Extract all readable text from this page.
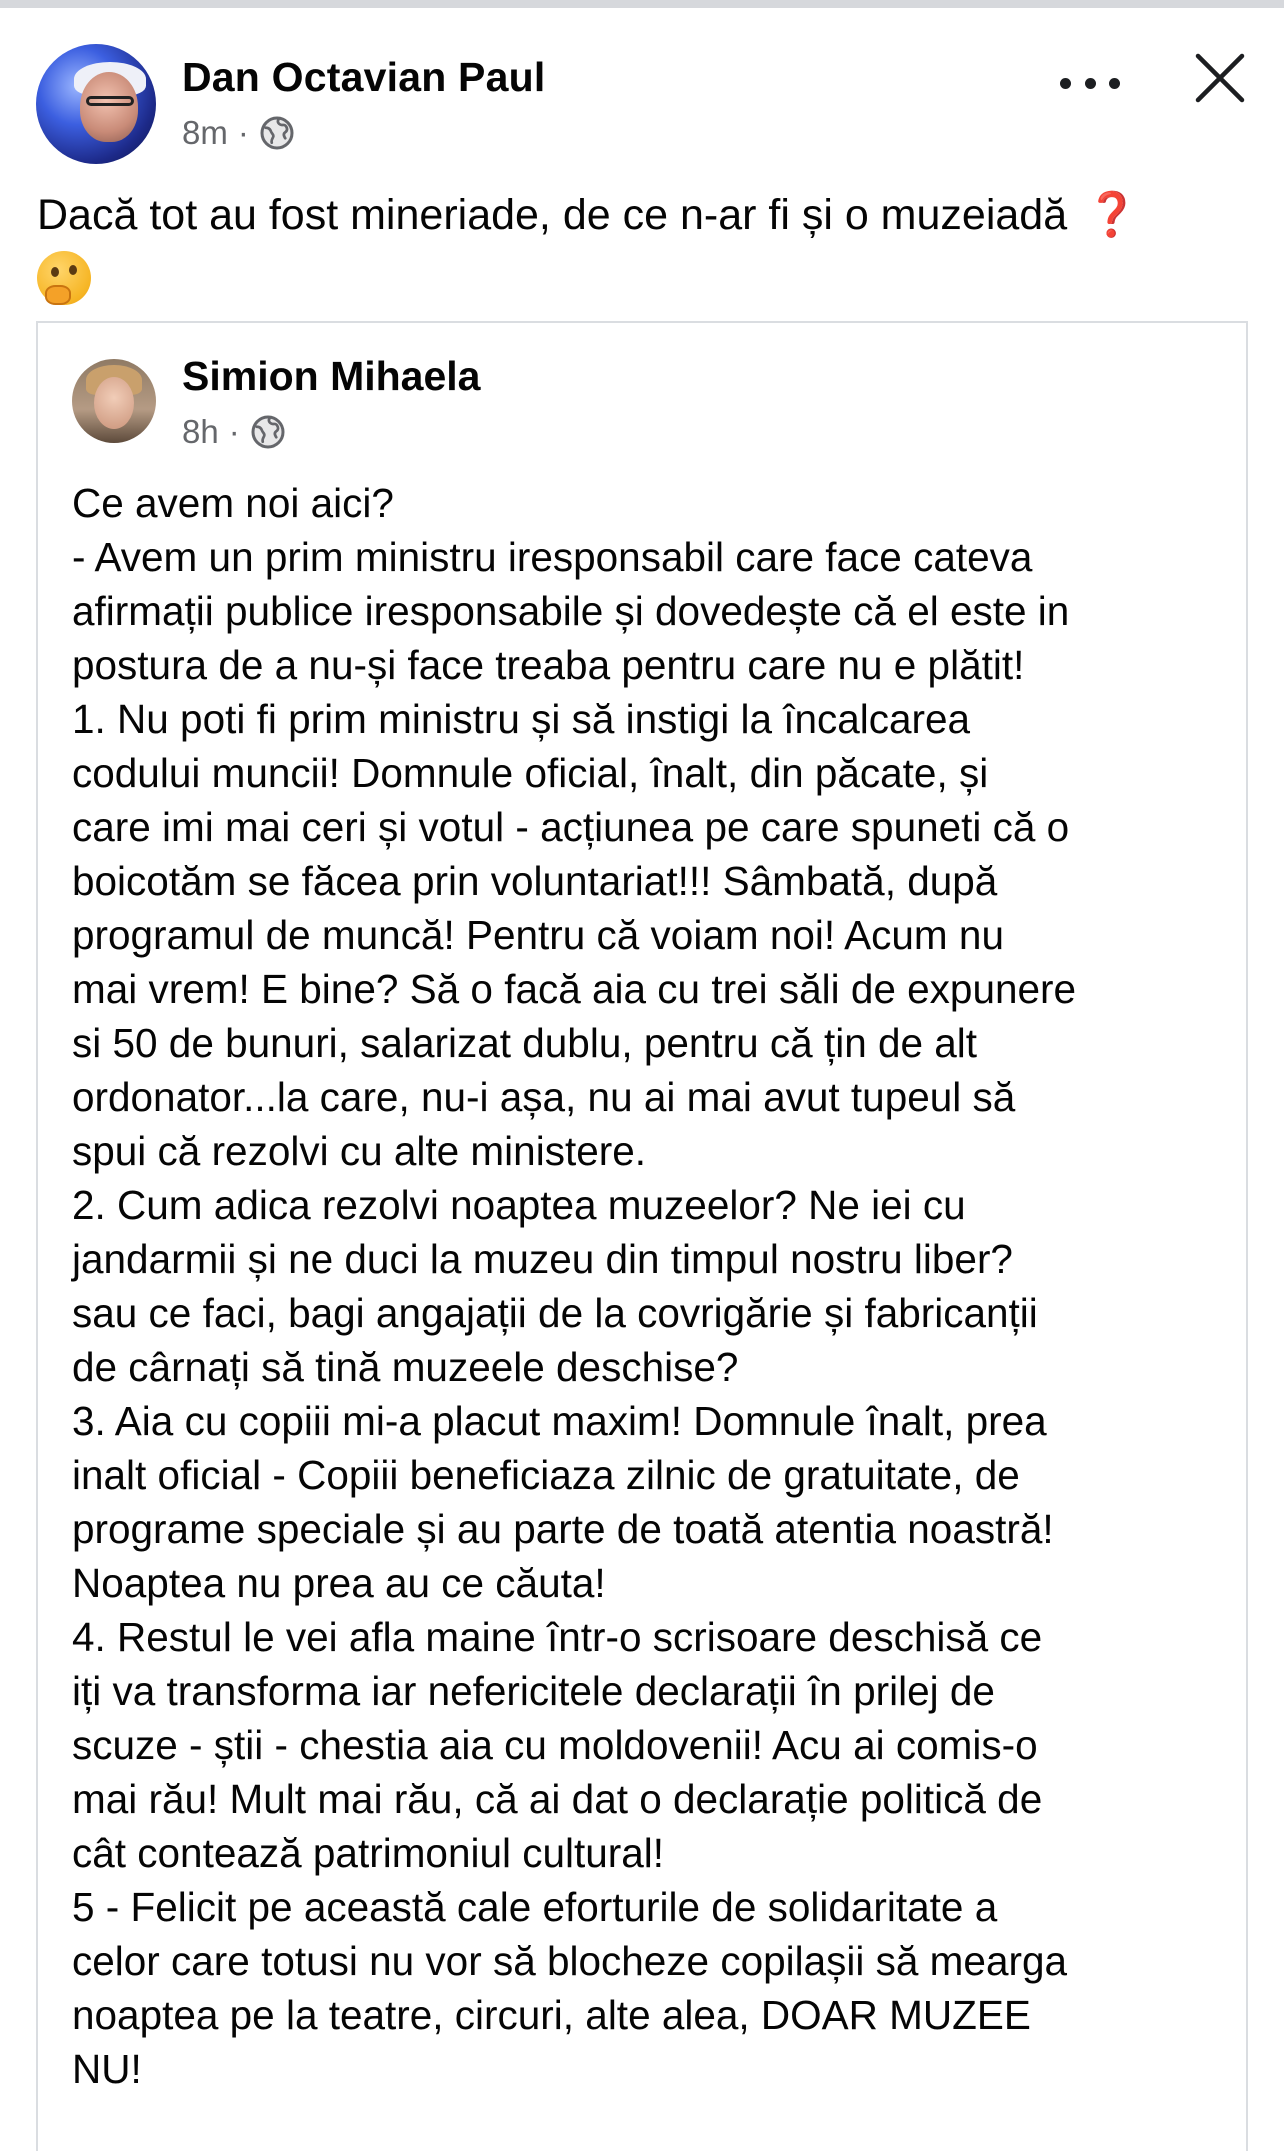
Dan Octavian Paul
8m ·
Dacă tot au fost mineriade, de ce n-ar fi și o muzeiadă ❓

Simion Mihaela
8h ·
Ce avem noi aici?
- Avem un prim ministru iresponsabil care face cateva
afirmații publice iresponsabile și dovedește că el este in
postura de a nu-și face treaba pentru care nu e plătit!
1. Nu poti fi prim ministru și să instigi la încalcarea
codului muncii! Domnule oficial, înalt, din păcate, și
care imi mai ceri și votul - acțiunea pe care spuneti că o
boicotăm se făcea prin voluntariat!!! Sâmbată, după
programul de muncă! Pentru că voiam noi! Acum nu
mai vrem! E bine? Să o facă aia cu trei săli de expunere
si 50 de bunuri, salarizat dublu, pentru că țin de alt
ordonator...la care, nu-i așa, nu ai mai avut tupeul să
spui că rezolvi cu alte ministere.
2. Cum adica rezolvi noaptea muzeelor? Ne iei cu
jandarmii și ne duci la muzeu din timpul nostru liber?
sau ce faci, bagi angajații de la covrigărie și fabricanții
de cârnați să tină muzeele deschise?
3. Aia cu copiii mi-a placut maxim! Domnule înalt, prea
inalt oficial - Copiii beneficiaza zilnic de gratuitate, de
programe speciale și au parte de toată atentia noastră!
Noaptea nu prea au ce căuta!
4. Restul le vei afla maine într-o scrisoare deschisă ce
iți va transforma iar nefericitele declarații în prilej de
scuze - știi - chestia aia cu moldovenii! Acu ai comis-o
mai rău! Mult mai rău, că ai dat o declarație politică de
cât contează patrimoniul cultural!
5 - Felicit pe această cale eforturile de solidaritate a
celor care totusi nu vor să blocheze copilașii să mearga
noaptea pe la teatre, circuri, alte alea, DOAR MUZEE
NU!
